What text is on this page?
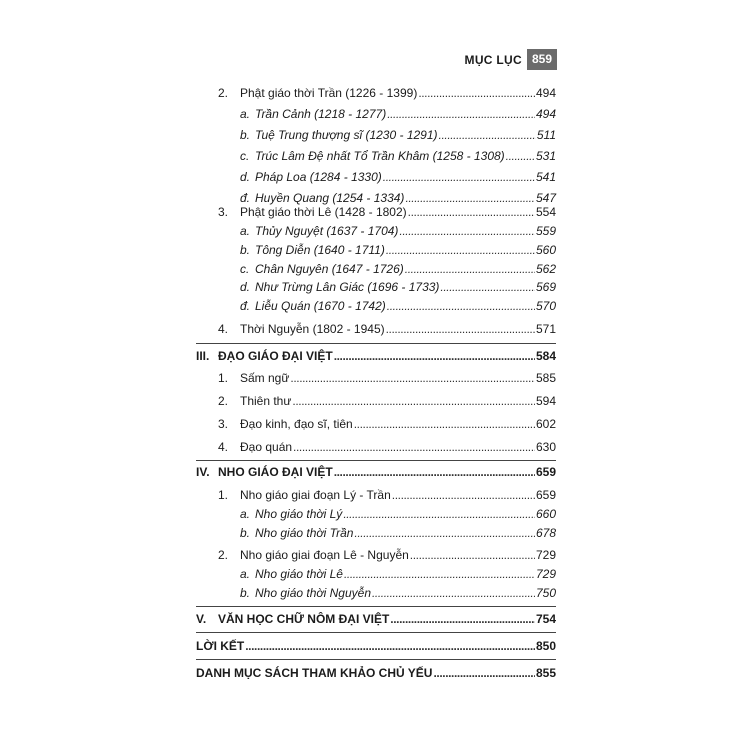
MỤC LỤC 859
2. Phật giáo thời Trần (1226 - 1399) .....	494
a. Trần Cảnh (1218 - 1277) .....	494
b. Tuệ Trung thượng sĩ (1230 - 1291) .....	511
c. Trúc Lâm Đệ nhất Tổ Trần Khâm (1258 - 1308) .....	531
d. Pháp Loa (1284 - 1330) .....	541
đ. Huyền Quang (1254 - 1334) .....	547
3. Phật giáo thời Lê (1428 - 1802) .....	554
a. Thủy Nguyệt (1637 - 1704) .....	559
b. Tông Diễn (1640 - 1711) .....	560
c. Chân Nguyên (1647 - 1726) .....	562
d. Như Trừng Lân Giác (1696 - 1733) .....	569
đ. Liễu Quán (1670 - 1742) .....	570
4. Thời Nguyễn (1802 - 1945) .....	571
III. ĐẠO GIÁO ĐẠI VIỆT .....	584
1. Sấm ngữ .....	585
2. Thiên thư .....	594
3. Đạo kinh, đạo sĩ, tiên .....	602
4. Đạo quán .....	630
IV. NHO GIÁO ĐẠI VIỆT .....	659
1. Nho giáo giai đoạn Lý - Trần .....	659
a. Nho giáo thời Lý .....	660
b. Nho giáo thời Trần .....	678
2. Nho giáo giai đoạn Lê - Nguyễn .....	729
a. Nho giáo thời Lê .....	729
b. Nho giáo thời Nguyễn .....	750
V. VĂN HỌC CHỮ NÔM ĐẠI VIỆT .....	754
LỜI KẾT .....	850
DANH MỤC SÁCH THAM KHẢO CHỦ YẾU .....	855
